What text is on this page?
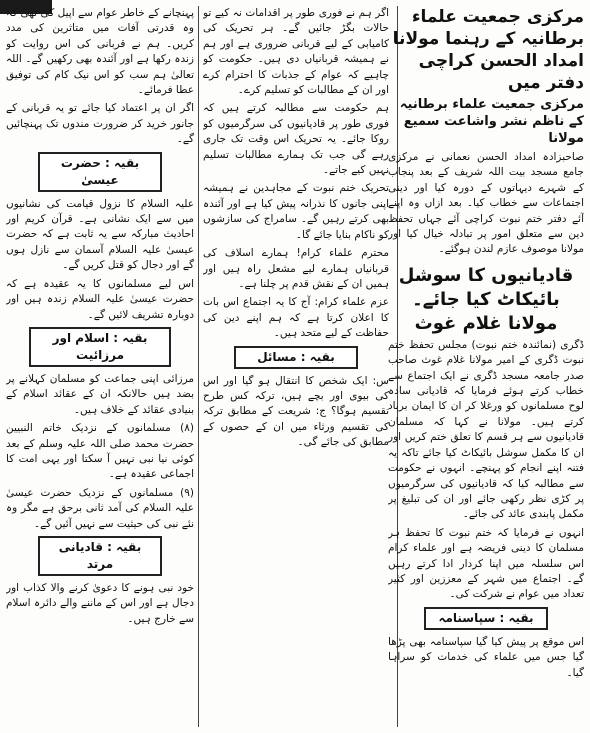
مرکزی جمعیت علماء برطانیہ کے رہنما مولانا امداد الحسن کراچی دفتر میں
مرکزی جمعیت علماء برطانیہ کے ناظم نشر واشاعت سمیع مولانا

صاحبزادہ امداد الحسن نعمانی نے مرکزی جامع مسجد بیت اللہ شریف کے بعد پنجاب کے شہرے دیہاتوں کے دورہ کیا اور دینی اجتماعات سے خطاب کیا۔ بعد ازاں وہ اپنے آئے دفتر ختم نبوت کراچی آئے جہاں تحفظ دین سے متعلق امور پر تبادلہ خیال کیا اور مولانا موصوف عازم لندن ہوگئے۔

قادیانیوں کا سوشل بائیکاٹ کیا جائے۔ مولانا غلام غوث

ڈگری (نمائندہ ختم نبوت) مجلس تحفظ ختم نبوت ڈگری کے امیر مولانا غلام غوث صاحب صدر جامعہ مسجد ڈگری نے ایک اجتماع سے خطاب کرتے ہوئے فرمایا کہ قادیانی سادہ لوح مسلمانوں کو ورغلا کر ان کا ایمان برباد کرتے ہیں۔ مولانا نے کہا کہ مسلمان قادیانیوں سے ہر قسم کا تعلق ختم کریں اور ان کا مکمل سوشل بائیکاٹ کیا جائے تاکہ یہ فتنہ اپنے انجام کو پہنچے۔ انہوں نے حکومت سے مطالبہ کیا کہ قادیانیوں کی سرگرمیوں پر کڑی نظر رکھی جائے اور ان کی تبلیغ پر مکمل پابندی عائد کی جائے۔

انہوں نے فرمایا کہ ختم نبوت کا تحفظ ہر مسلمان کا دینی فریضہ ہے اور علماء کرام اس سلسلہ میں اپنا کردار ادا کرتے رہیں گے۔ اجتماع میں شہر کے معززین اور کثیر تعداد میں عوام نے شرکت کی۔

بقیہ : سپاسنامہ

اس موقع پر پیش کیا گیا سپاسنامہ بھی پڑھا گیا جس میں علماء کی خدمات کو سراہا گیا۔

اگر ہم نے فوری طور پر اقدامات نہ کیے تو حالات بگڑ جائیں گے۔ ہر تحریک کی کامیابی کے لیے قربانی ضروری ہے اور ہم نے ہمیشہ قربانیاں دی ہیں۔ حکومت کو چاہیے کہ عوام کے جذبات کا احترام کرے اور ان کے مطالبات کو تسلیم کرے۔

ہم حکومت سے مطالبہ کرتے ہیں کہ فوری طور پر قادیانیوں کی سرگرمیوں کو روکا جائے۔ یہ تحریک اس وقت تک جاری رہے گی جب تک ہمارے مطالبات تسلیم نہیں کیے جاتے۔

تحریک ختم نبوت کے مجاہدین نے ہمیشہ اپنی جانوں کا نذرانہ پیش کیا ہے اور آئندہ بھی کرتے رہیں گے۔ سامراج کی سازشوں کو ناکام بنایا جائے گا۔

محترم علماء کرام! ہمارے اسلاف کی قربانیاں ہمارے لیے مشعل راہ ہیں اور ہمیں ان کے نقش قدم پر چلنا ہے۔

عزم علماء کرام: آج کا یہ اجتماع اس بات کا اعلان کرتا ہے کہ ہم اپنے دین کی حفاظت کے لیے متحد ہیں۔

بقیہ : مسائل

س: ایک شخص کا انتقال ہو گیا اور اس کی بیوی اور بچے ہیں، ترکہ کس طرح تقسیم ہوگا؟ ج: شریعت کے مطابق ترکہ کی تقسیم ورثاء میں ان کے حصوں کے مطابق کی جائے گی۔

پہنچانے کے خاطر عوام سے اپیل کی تھی کہ وہ قدرتی آفات میں متاثرین کی مدد کریں۔ ہم نے قربانی کی اس روایت کو زندہ رکھا ہے اور آئندہ بھی رکھیں گے۔ اللہ تعالیٰ ہم سب کو اس نیک کام کی توفیق عطا فرمائے۔

اگر ان پر اعتماد کیا جائے تو یہ قربانی کے جانور خرید کر ضرورت مندوں تک پہنچائیں گے۔

بقیہ : حضرت عیسیٰ

علیہ السلام کا نزول قیامت کی نشانیوں میں سے ایک نشانی ہے۔ قرآن کریم اور احادیث مبارکہ سے یہ ثابت ہے کہ حضرت عیسیٰ علیہ السلام آسمان سے نازل ہوں گے اور دجال کو قتل کریں گے۔

اس لیے مسلمانوں کا یہ عقیدہ ہے کہ حضرت عیسیٰ علیہ السلام زندہ ہیں اور دوبارہ تشریف لائیں گے۔

بقیہ : اسلام اور مرزائیت

مرزائی اپنی جماعت کو مسلمان کہلانے پر بضد ہیں حالانکہ ان کے عقائد اسلام کے بنیادی عقائد کے خلاف ہیں۔

(۸) مسلمانوں کے نزدیک خاتم النبیین حضرت محمد صلی اللہ علیہ وسلم کے بعد کوئی نیا نبی نہیں آ سکتا اور یہی امت کا اجماعی عقیدہ ہے۔

(۹) مسلمانوں کے نزدیک حضرت عیسیٰ علیہ السلام کی آمد ثانی برحق ہے مگر وہ نئے نبی کی حیثیت سے نہیں آئیں گے۔

بقیہ : قادیانی مرتد

خود نبی ہونے کا دعویٰ کرنے والا کذاب اور دجال ہے اور اس کے ماننے والے دائرہ اسلام سے خارج ہیں۔
